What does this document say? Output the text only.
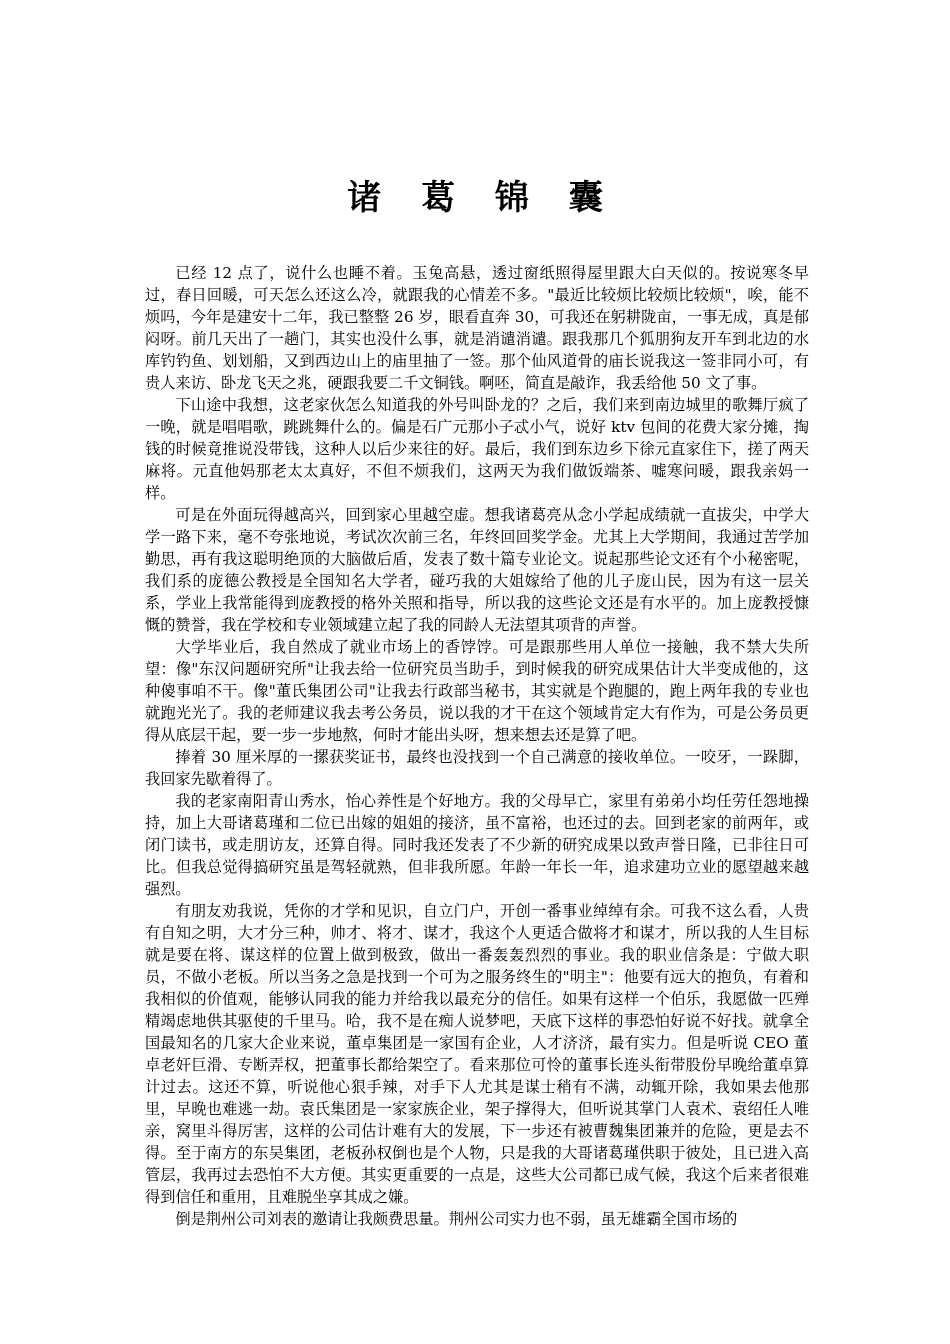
诸 葛 锦 囊

已经 12 点了，说什么也睡不着。玉兔高悬，透过窗纸照得屋里跟大白天似的。按说寒冬早过，春日回暖，可天怎么还这么冷，就跟我的心情差不多。"最近比较烦比较烦比较烦"，唉，能不烦吗，今年是建安十二年，我已整整 26 岁，眼看直奔 30，可我还在躬耕陇亩，一事无成，真是郁闷呀。前几天出了一趟门，其实也没什么事，就是消谴消谴。跟我那几个狐朋狗友开车到北边的水库钓钓鱼、划划船，又到西边山上的庙里抽了一签。那个仙风道骨的庙长说我这一签非同小可，有贵人来访、卧龙飞天之兆，硬跟我要二千文铜钱。啊呸，简直是敲诈，我丢给他 50 文了事。

下山途中我想，这老家伙怎么知道我的外号叫卧龙的？之后，我们来到南边城里的歌舞厅疯了一晚，就是唱唱歌，跳跳舞什么的。偏是石广元那小子忒小气，说好 ktv 包间的花费大家分摊，掏钱的时候竟推说没带钱，这种人以后少来往的好。最后，我们到东边乡下徐元直家住下，搓了两天麻将。元直他妈那老太太真好，不但不烦我们，这两天为我们做饭端茶、嘘寒问暖，跟我亲妈一样。

可是在外面玩得越高兴，回到家心里越空虚。想我诸葛亮从念小学起成绩就一直拔尖，中学大学一路下来，毫不夸张地说，考试次次前三名，年终回回奖学金。尤其上大学期间，我通过苦学加勤思，再有我这聪明绝顶的大脑做后盾，发表了数十篇专业论文。说起那些论文还有个小秘密呢，我们系的庞德公教授是全国知名大学者，碰巧我的大姐嫁给了他的儿子庞山民，因为有这一层关系，学业上我常能得到庞教授的格外关照和指导，所以我的这些论文还是有水平的。加上庞教授慷慨的赞誉，我在学校和专业领域建立起了我的同龄人无法望其项背的声誉。

大学毕业后，我自然成了就业市场上的香饽饽。可是跟那些用人单位一接触，我不禁大失所望：像"东汉问题研究所"让我去给一位研究员当助手，到时候我的研究成果估计大半变成他的，这种傻事咱不干。像"董氏集团公司"让我去行政部当秘书，其实就是个跑腿的，跑上两年我的专业也就跑光光了。我的老师建议我去考公务员，说以我的才干在这个领域肯定大有作为，可是公务员更得从底层干起，要一步一步地熬，何时才能出头呀，想来想去还是算了吧。

捧着 30 厘米厚的一摞获奖证书，最终也没找到一个自己满意的接收单位。一咬牙，一跺脚，我回家先歇着得了。

我的老家南阳青山秀水，怡心养性是个好地方。我的父母早亡，家里有弟弟小均任劳任怨地操持，加上大哥诸葛瑾和二位已出嫁的姐姐的接济，虽不富裕，也还过的去。回到老家的前两年，或闭门读书，或走朋访友，还算自得。同时我还发表了不少新的研究成果以致声誉日隆，已非往日可比。但我总觉得搞研究虽是驾轻就熟，但非我所愿。年龄一年长一年，追求建功立业的愿望越来越强烈。

有朋友劝我说，凭你的才学和见识，自立门户，开创一番事业绰绰有余。可我不这么看，人贵有自知之明，大才分三种，帅才、将才、谋才，我这个人更适合做将才和谋才，所以我的人生目标就是要在将、谋这样的位置上做到极致，做出一番轰轰烈烈的事业。我的职业信条是：宁做大职员，不做小老板。所以当务之急是找到一个可为之服务终生的"明主"：他要有远大的抱负，有着和我相似的价值观，能够认同我的能力并给我以最充分的信任。如果有这样一个伯乐，我愿做一匹殚精竭虑地供其驱使的千里马。哈，我不是在痴人说梦吧，天底下这样的事恐怕好说不好找。就拿全国最知名的几家大企业来说，董卓集团是一家国有企业，人才济济，最有实力。但是听说 CEO 董卓老奸巨滑、专断弄权，把董事长都给架空了。看来那位可怜的董事长连头衔带股份早晚给董卓算计过去。这还不算，听说他心狠手辣，对手下人尤其是谋士稍有不满，动辄开除，我如果去他那里，早晚也难逃一劫。袁氏集团是一家家族企业，架子撑得大，但听说其掌门人袁术、袁绍任人唯亲，窝里斗得厉害，这样的公司估计难有大的发展，下一步还有被曹魏集团兼并的危险，更是去不得。至于南方的东吴集团，老板孙权倒也是个人物，只是我的大哥诸葛瑾供职于彼处，且已进入高管层，我再过去恐怕不大方便。其实更重要的一点是，这些大公司都已成气候，我这个后来者很难得到信任和重用，且难脱坐享其成之嫌。

倒是荆州公司刘表的邀请让我颇费思量。荆州公司实力也不弱，虽无雄霸全国市场的
